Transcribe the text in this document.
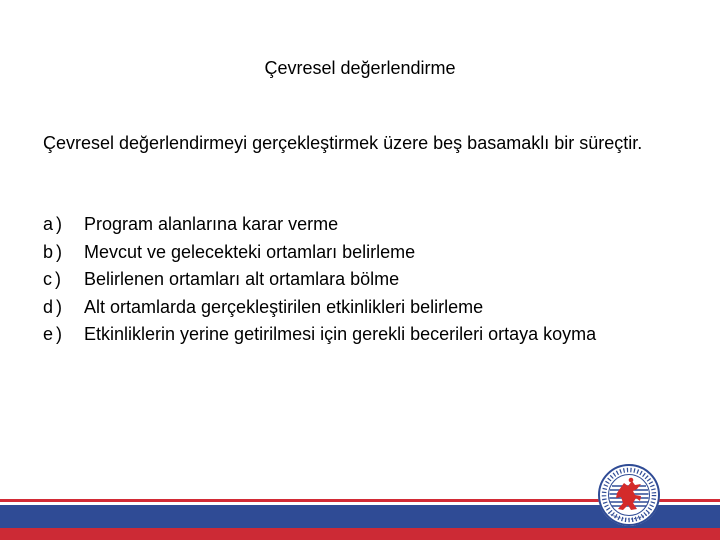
Çevresel değerlendirme
Çevresel değerlendirmeyi gerçekleştirmek üzere beş basamaklı bir süreçtir.
a)	Program alanlarına karar verme
b)	Mevcut ve gelecekteki ortamları belirleme
c)	Belirlenen ortamları alt ortamlara bölme
d)	Alt ortamlarda gerçekleştirilen etkinlikleri belirleme
e)	Etkinliklerin yerine getirilmesi için gerekli becerileri ortaya koyma
